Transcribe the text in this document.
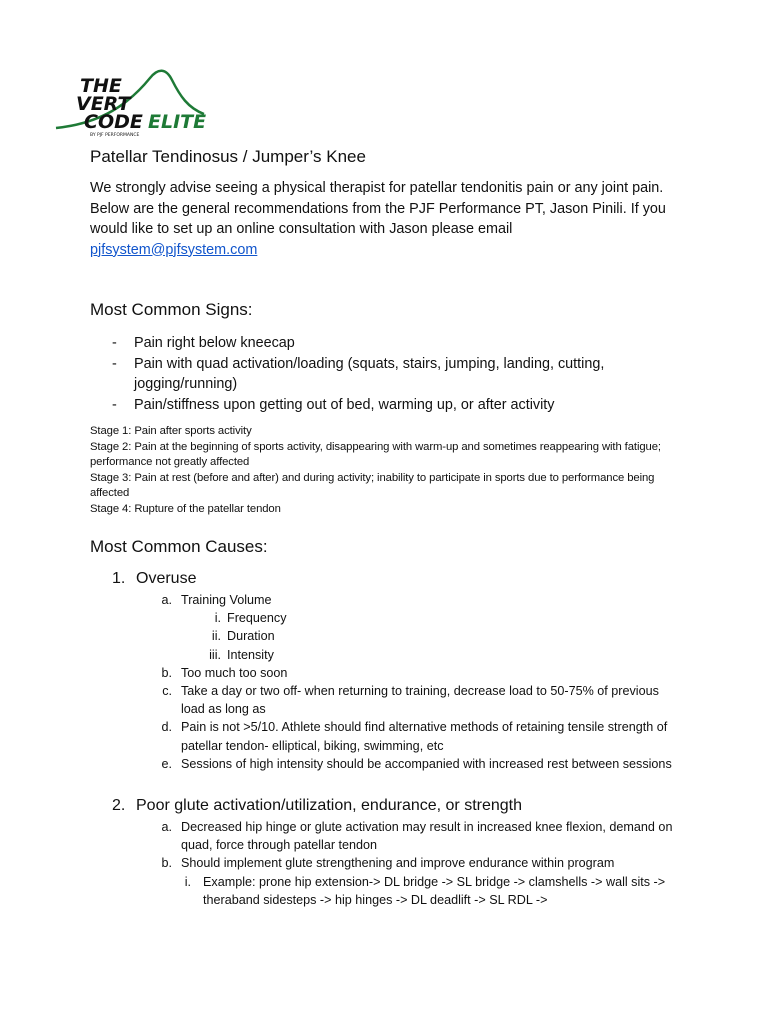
THE
VERT
CODE ELITE
BY PJF PERFORMANCE
Patellar Tendinosus / Jumper’s Knee

We strongly advise seeing a physical therapist for patellar tendonitis pain or any joint pain. Below are the general recommendations from the PJF Performance PT, Jason Pinili. If you would like to set up an online consultation with Jason please email pjfsystem@pjfsystem.com

Most Common Signs:
- Pain right below kneecap
- Pain with quad activation/loading (squats, stairs, jumping, landing, cutting, jogging/running)
- Pain/stiffness upon getting out of bed, warming up, or after activity
Stage 1: Pain after sports activity
Stage 2: Pain at the beginning of sports activity, disappearing with warm-up and sometimes reappearing with fatigue; performance not greatly affected
Stage 3: Pain at rest (before and after) and during activity; inability to participate in sports due to performance being affected
Stage 4: Rupture of the patellar tendon
Most Common Causes:
1. Overuse
a. Training Volume
i. Frequency
ii. Duration
iii. Intensity
b. Too much too soon
c. Take a day or two off- when returning to training, decrease load to 50-75% of previous load as long as
d. Pain is not >5/10. Athlete should find alternative methods of retaining tensile strength of patellar tendon- elliptical, biking, swimming, etc
e. Sessions of high intensity should be accompanied with increased rest between sessions
2. Poor glute activation/utilization, endurance, or strength
a. Decreased hip hinge or glute activation may result in increased knee flexion, demand on quad, force through patellar tendon
b. Should implement glute strengthening and improve endurance within program
i. Example: prone hip extension-> DL bridge -> SL bridge -> clamshells -> wall sits -> theraband sidesteps -> hip hinges -> DL deadlift -> SL RDL ->
